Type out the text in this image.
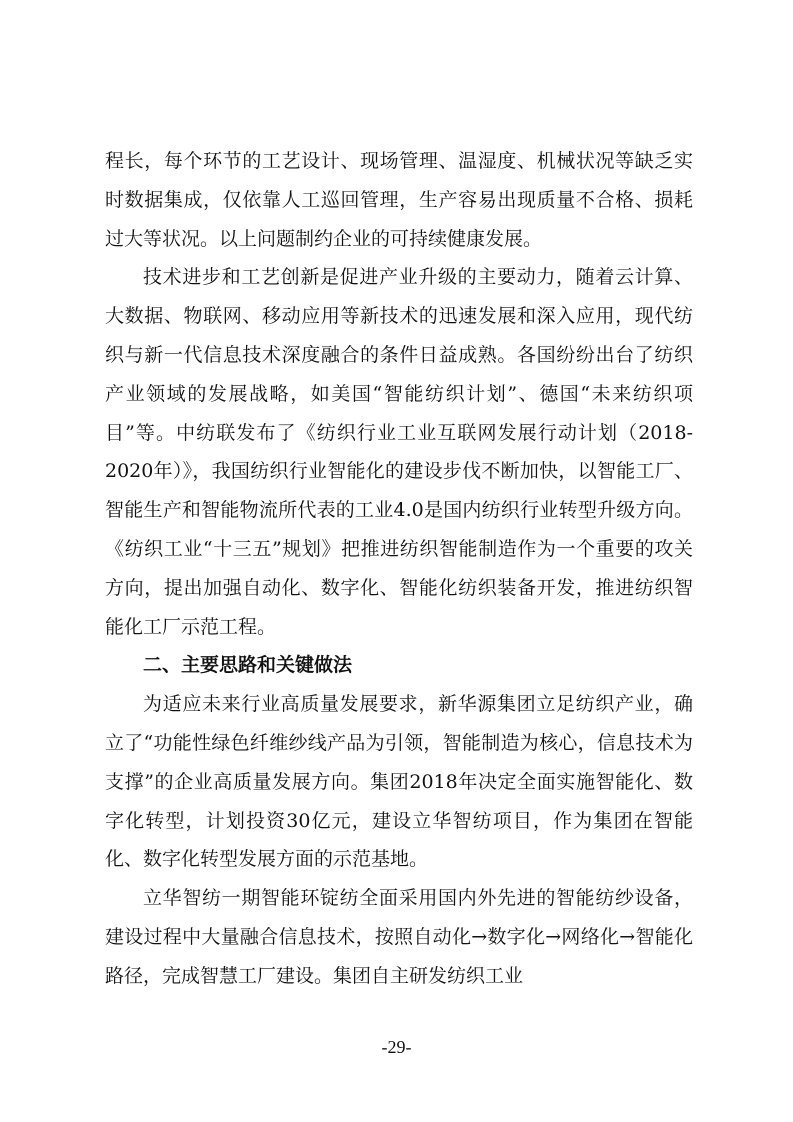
程长，每个环节的工艺设计、现场管理、温湿度、机械状况等缺乏实时数据集成，仅依靠人工巡回管理，生产容易出现质量不合格、损耗过大等状况。以上问题制约企业的可持续健康发展。

技术进步和工艺创新是促进产业升级的主要动力，随着云计算、大数据、物联网、移动应用等新技术的迅速发展和深入应用，现代纺织与新一代信息技术深度融合的条件日益成熟。各国纷纷出台了纺织产业领域的发展战略，如美国“智能纺织计划”、德国“未来纺织项目”等。中纺联发布了《纺织行业工业互联网发展行动计划（2018-2020年）》，我国纺织行业智能化的建设步伐不断加快，以智能工厂、智能生产和智能物流所代表的工业4.0是国内纺织行业转型升级方向。《纺织工业“十三五”规划》把推进纺织智能制造作为一个重要的攻关方向，提出加强自动化、数字化、智能化纺织装备开发，推进纺织智能化工厂示范工程。

二、主要思路和关键做法

为适应未来行业高质量发展要求，新华源集团立足纺织产业，确立了“功能性绿色纤维纱线产品为引领，智能制造为核心，信息技术为支撑”的企业高质量发展方向。集团2018年决定全面实施智能化、数字化转型，计划投资30亿元，建设立华智纺项目，作为集团在智能化、数字化转型发展方面的示范基地。

立华智纺一期智能环锭纺全面采用国内外先进的智能纺纱设备，建设过程中大量融合信息技术，按照自动化→数字化→网络化→智能化路径，完成智慧工厂建设。集团自主研发纺织工业

-29-
